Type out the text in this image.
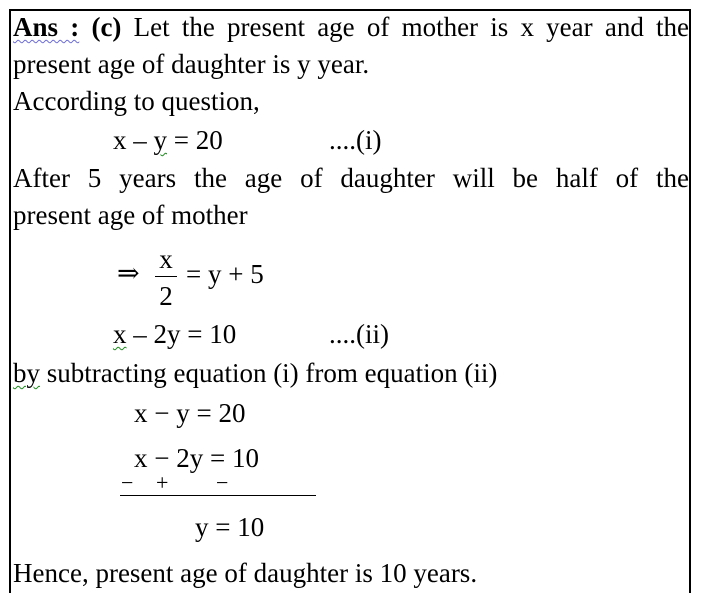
Ans : (c) Let the present age of mother is x year and the
present age of daughter is y year.
According to question,
x – y = 20	....(i)
After 5 years the age of daughter will be half of the
present age of mother
⇒ x
2
= y + 5
x – 2y = 10	....(ii)
by subtracting equation (i) from equation (ii)
x − y = 20
x − 2y = 10
− + −
y = 10
Hence, present age of daughter is 10 years.
